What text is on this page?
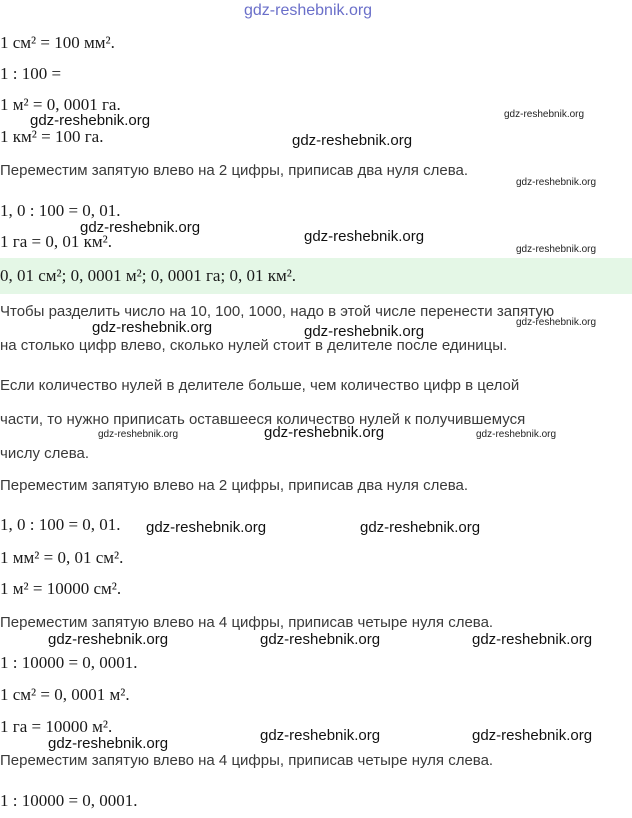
gdz-reshebnik.org
1 см² = 100 мм².
1 : 100 =
1 м² = 0, 0001 га.
1 км² = 100 га.
Переместим запятую влево на 2 цифры, приписав два нуля слева.
1, 0 : 100 = 0, 01.
1 га = 0, 01 км².
0, 01 см²; 0, 0001 м²; 0, 0001 га; 0, 01 км².
Чтобы разделить число на 10, 100, 1000, надо в этой числе перенести запятую
на столько цифр влево, сколько нулей стоит в делителе после единицы.
Если количество нулей в делителе больше, чем количество цифр в целой
части, то нужно приписать оставшееся количество нулей к получившемуся
числу слева.
Переместим запятую влево на 2 цифры, приписав два нуля слева.
1, 0 : 100 = 0, 01.
1 мм² = 0, 01 см².
1 м² = 10000 см².
Переместим запятую влево на 4 цифры, приписав четыре нуля слева.
1 : 10000 = 0, 0001.
1 см² = 0, 0001 м².
1 га = 10000 м².
Переместим запятую влево на 4 цифры, приписав четыре нуля слева.
1 : 10000 = 0, 0001.
gdz-reshebnik.org
gdz-reshebnik.org
gdz-reshebnik.org
gdz-reshebnik.org
gdz-reshebnik.org
gdz-reshebnik.org
gdz-reshebnik.org
gdz-reshebnik.org	gdz-reshebnik.org
gdz-reshebnik.org
gdz-reshebnik.org	gdz-reshebnik.org	gdz-reshebnik.org
gdz-reshebnik.org	gdz-reshebnik.org
gdz-reshebnik.org	gdz-reshebnik.org	gdz-reshebnik.org
gdz-reshebnik.org	gdz-reshebnik.org	gdz-reshebnik.org
